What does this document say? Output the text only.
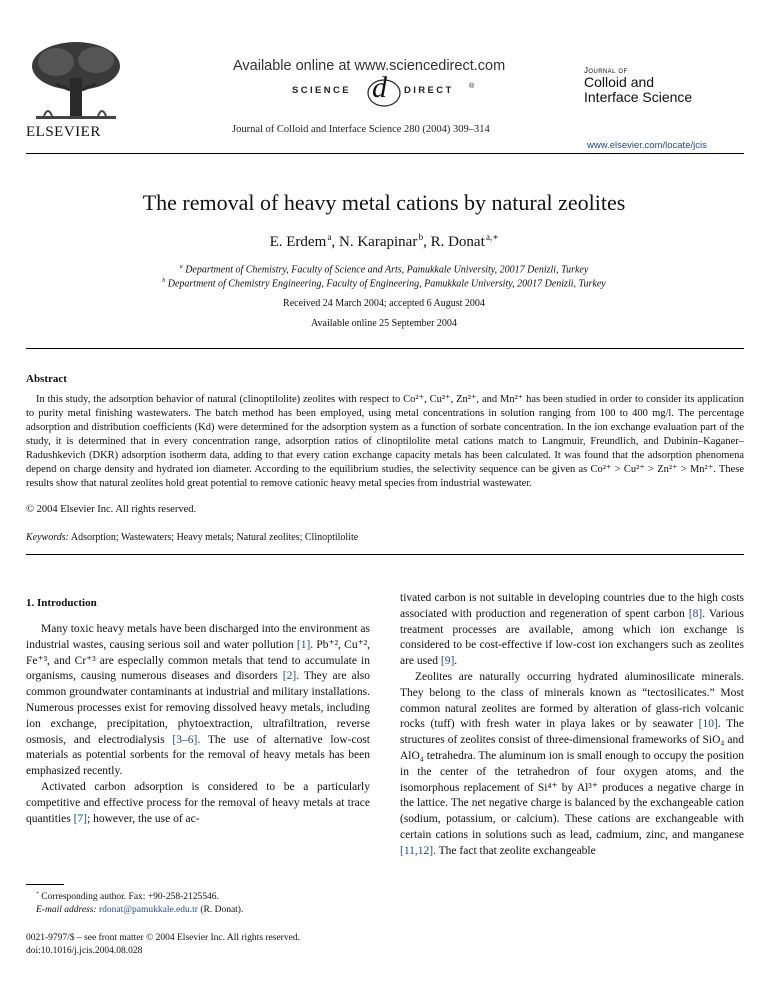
ELSEVIER
Available online at www.sciencedirect.com
SCIENCE d DIRECT ®
Journal of Colloid and Interface Science 280 (2004) 309–314
Journal of
Colloid and
Interface Science
www.elsevier.com/locate/jcis
The removal of heavy metal cations by natural zeolites
E. Erdem $^a$, N. Karapinar $^b$, R. Donat $^{a,∗}$
$^a$ Department of Chemistry, Faculty of Science and Arts, Pamukkale University, 20017 Denizli, Turkey
$^b$ Department of Chemistry Engineering, Faculty of Engineering, Pamukkale University, 20017 Denizli, Turkey
Received 24 March 2004; accepted 6 August 2004
Available online 25 September 2004
Abstract

In this study, the adsorption behavior of natural (clinoptilolite) zeolites with respect to Co²⁺, Cu²⁺, Zn²⁺, and Mn²⁺ has been studied in order to consider its application to purity metal finishing wastewaters. The batch method has been employed, using metal concentrations in solution ranging from 100 to 400 mg/l. The percentage adsorption and distribution coefficients (Kd) were determined for the adsorption system as a function of sorbate concentration. In the ion exchange evaluation part of the study, it is determined that in every concentration range, adsorption ratios of clinoptilolite metal cations match to Langmuir, Freundlich, and Dubinin–Kaganer–Radushkevich (DKR) adsorption isotherm data, adding to that every cation exchange capacity metals has been calculated. It was found that the adsorption phenomena depend on charge density and hydrated ion diameter. According to the equilibrium studies, the selectivity sequence can be given as Co²⁺ > Cu²⁺ > Zn²⁺ > Mn²⁺. These results show that natural zeolites hold great potential to remove cationic heavy metal species from industrial wastewater.

© 2004 Elsevier Inc. All rights reserved.
Keywords: Adsorption; Wastewaters; Heavy metals; Natural zeolites; Clinoptilolite
1. Introduction

Many toxic heavy metals have been discharged into the environment as industrial wastes, causing serious soil and water pollution [1]. Pb⁺², Cu⁺², Fe⁺³, and Cr⁺³ are especially common metals that tend to accumulate in organisms, causing numerous diseases and disorders [2]. They are also common groundwater contaminants at industrial and military installations. Numerous processes exist for removing dissolved heavy metals, including ion exchange, precipitation, phytoextraction, ultrafiltration, reverse osmosis, and electrodialysis [3–6]. The use of alternative low-cost materials as potential sorbents for the removal of heavy metals has been emphasized recently.

Activated carbon adsorption is considered to be a particularly competitive and effective process for the removal of heavy metals at trace quantities [7]; however, the use of ac-

tivated carbon is not suitable in developing countries due to the high costs associated with production and regeneration of spent carbon [8]. Various treatment processes are available, among which ion exchange is considered to be cost-effective if low-cost ion exchangers such as zeolites are used [9].

Zeolites are naturally occurring hydrated aluminosilicate minerals. They belong to the class of minerals known as “tectosilicates.” Most common natural zeolites are formed by alteration of glass-rich volcanic rocks (tuff) with fresh water in playa lakes or by seawater [10]. The structures of zeolites consist of three-dimensional frameworks of SiO₄ and AlO₄ tetrahedra. The aluminum ion is small enough to occupy the position in the center of the tetrahedron of four oxygen atoms, and the isomorphous replacement of Si⁴⁺ by Al³⁺ produces a negative charge in the lattice. The net negative charge is balanced by the exchangeable cation (sodium, potassium, or calcium). These cations are exchangeable with certain cations in solutions such as lead, cadmium, zinc, and manganese [11,12]. The fact that zeolite exchangeable

* Corresponding author. Fax: +90-258-2125546.
E-mail address: rdonat@pamukkale.edu.tr (R. Donat).
0021-9797/$ – see front matter © 2004 Elsevier Inc. All rights reserved.
doi:10.1016/j.jcis.2004.08.028
